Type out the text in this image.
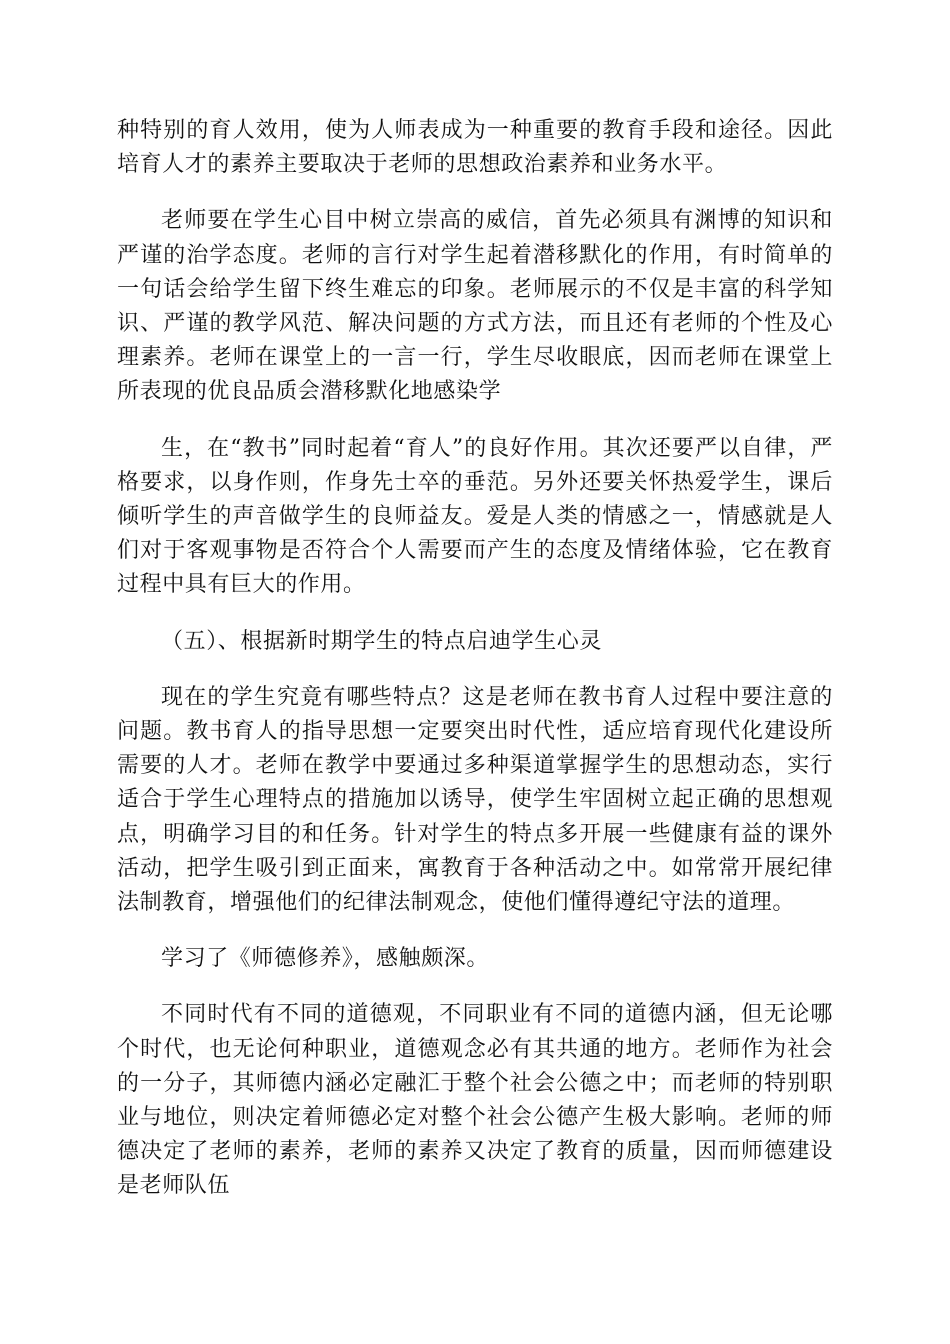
种特别的育人效用，使为人师表成为一种重要的教育手段和途径。因此培育人才的素养主要取决于老师的思想政治素养和业务水平。

老师要在学生心目中树立崇高的威信，首先必须具有渊博的知识和严谨的治学态度。老师的言行对学生起着潜移默化的作用，有时简单的一句话会给学生留下终生难忘的印象。老师展示的不仅是丰富的科学知识、严谨的教学风范、解决问题的方式方法，而且还有老师的个性及心理素养。老师在课堂上的一言一行，学生尽收眼底，因而老师在课堂上所表现的优良品质会潜移默化地感染学

生，在“教书”同时起着“育人”的良好作用。其次还要严以自律，严格要求，以身作则，作身先士卒的垂范。另外还要关怀热爱学生，课后倾听学生的声音做学生的良师益友。爱是人类的情感之一，情感就是人们对于客观事物是否符合个人需要而产生的态度及情绪体验，它在教育过程中具有巨大的作用。

（五）、根据新时期学生的特点启迪学生心灵

现在的学生究竟有哪些特点？这是老师在教书育人过程中要注意的问题。教书育人的指导思想一定要突出时代性，适应培育现代化建设所需要的人才。老师在教学中要通过多种渠道掌握学生的思想动态，实行适合于学生心理特点的措施加以诱导，使学生牢固树立起正确的思想观点，明确学习目的和任务。针对学生的特点多开展一些健康有益的课外活动，把学生吸引到正面来，寓教育于各种活动之中。如常常开展纪律法制教育，增强他们的纪律法制观念，使他们懂得遵纪守法的道理。

学习了《师德修养》，感触颇深。

不同时代有不同的道德观，不同职业有不同的道德内涵，但无论哪个时代，也无论何种职业，道德观念必有其共通的地方。老师作为社会的一分子，其师德内涵必定融汇于整个社会公德之中；而老师的特别职业与地位，则决定着师德必定对整个社会公德产生极大影响。老师的师德决定了老师的素养，老师的素养又决定了教育的质量，因而师德建设是老师队伍
